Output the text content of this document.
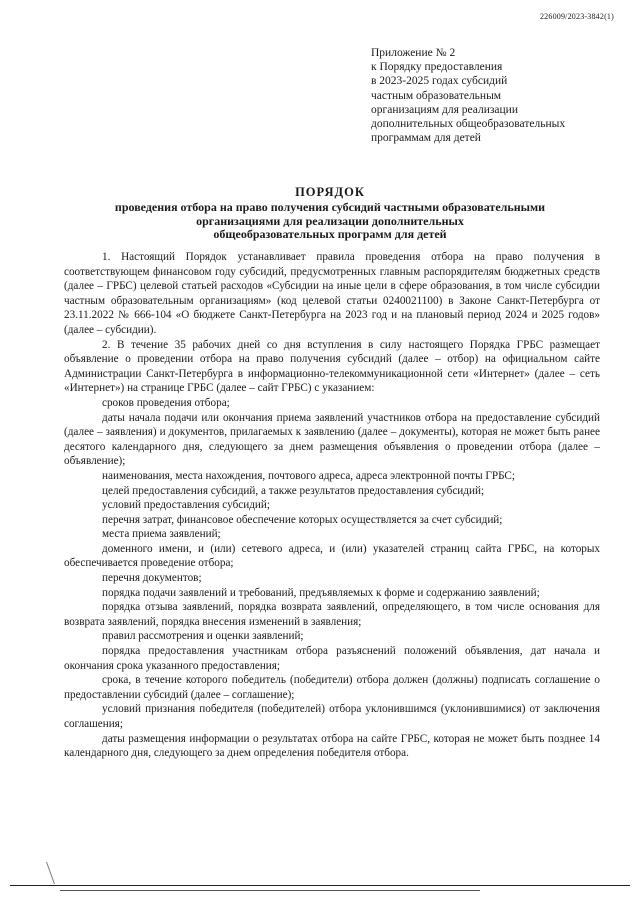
226009/2023-3842(1)
Приложение № 2
к Порядку предоставления
в 2023-2025 годах субсидий
частным образовательным
организациям для реализации
дополнительных общеобразовательных
программам для детей
ПОРЯДОК
проведения отбора на право получения субсидий частными образовательными
организациями для реализации дополнительных
общеобразовательных программ для детей

1. Настоящий Порядок устанавливает правила проведения отбора на право получения в соответствующем финансовом году субсидий, предусмотренных главным распорядителям бюджетных средств (далее – ГРБС) целевой статьей расходов «Субсидии на иные цели в сфере образования, в том числе субсидии частным образовательным организациям» (код целевой статьи 0240021100) в Законе Санкт-Петербурга от 23.11.2022 № 666-104 «О бюджете Санкт-Петербурга на 2023 год и на плановый период 2024 и 2025 годов» (далее – субсидии).

2. В течение 35 рабочих дней со дня вступления в силу настоящего Порядка ГРБС размещает объявление о проведении отбора на право получения субсидий (далее – отбор) на официальном сайте Администрации Санкт-Петербурга в информационно-телекоммуникационной сети «Интернет» (далее – сеть «Интернет») на странице ГРБС (далее – сайт ГРБС) с указанием:

сроков проведения отбора;

даты начала подачи или окончания приема заявлений участников отбора на предоставление субсидий (далее – заявления) и документов, прилагаемых к заявлению (далее – документы), которая не может быть ранее десятого календарного дня, следующего за днем размещения объявления о проведении отбора (далее – объявление);

наименования, места нахождения, почтового адреса, адреса электронной почты ГРБС;

целей предоставления субсидий, а также результатов предоставления субсидий;

условий предоставления субсидий;

перечня затрат, финансовое обеспечение которых осуществляется за счет субсидий;

места приема заявлений;

доменного имени, и (или) сетевого адреса, и (или) указателей страниц сайта ГРБС, на которых обеспечивается проведение отбора;

перечня документов;

порядка подачи заявлений и требований, предъявляемых к форме и содержанию заявлений;

порядка отзыва заявлений, порядка возврата заявлений, определяющего, в том числе основания для возврата заявлений, порядка внесения изменений в заявления;

правил рассмотрения и оценки заявлений;

порядка предоставления участникам отбора разъяснений положений объявления, дат начала и окончания срока указанного предоставления;

срока, в течение которого победитель (победители) отбора должен (должны) подписать соглашение о предоставлении субсидий (далее – соглашение);

условий признания победителя (победителей) отбора уклонившимся (уклонившимися) от заключения соглашения;

даты размещения информации о результатах отбора на сайте ГРБС, которая не может быть позднее 14 календарного дня, следующего за днем определения победителя отбора.
